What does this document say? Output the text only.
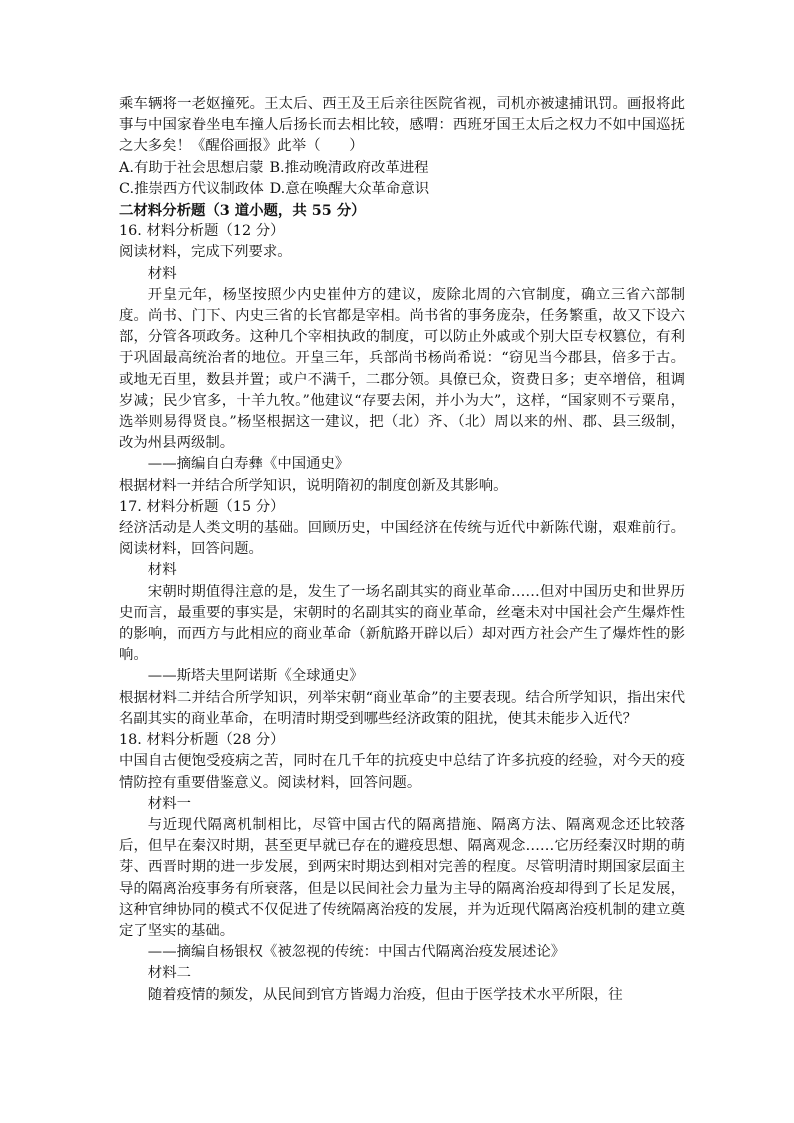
乘车辆将一老妪撞死。王太后、西王及王后亲往医院省视，司机亦被逮捕讯罚。画报将此事与中国家眷坐电车撞人后扬长而去相比较，感喟：西班牙国王太后之权力不如中国巡抚之大多矣！《醒俗画报》此举（　　）

A.有助于社会思想启蒙 B.推动晚清政府改革进程

C.推崇西方代议制政体 D.意在唤醒大众革命意识

二材料分析题（3 道小题，共 55 分）

16. 材料分析题（12 分）

阅读材料，完成下列要求。

材料

开皇元年，杨坚按照少内史崔仲方的建议，废除北周的六官制度，确立三省六部制度。尚书、门下、内史三省的长官都是宰相。尚书省的事务庞杂，任务繁重，故又下设六部，分管各项政务。这种几个宰相执政的制度，可以防止外戚或个别大臣专权篡位，有利于巩固最高统治者的地位。开皇三年，兵部尚书杨尚希说：“窃见当今郡县，倍多于古。或地无百里，数县并置；或户不满千，二郡分领。具僚已众，资费日多；吏卒增倍，租调岁减；民少官多，十羊九牧。”他建议“存要去闲，并小为大”，这样，“国家则不亏粟帛，选举则易得贤良。”杨坚根据这一建议，把（北）齐、（北）周以来的州、郡、县三级制，改为州县两级制。

——摘编自白寿彝《中国通史》

根据材料一并结合所学知识，说明隋初的制度创新及其影响。

17. 材料分析题（15 分）

经济活动是人类文明的基础。回顾历史，中国经济在传统与近代中新陈代谢，艰难前行。阅读材料，回答问题。

材料

宋朝时期值得注意的是，发生了一场名副其实的商业革命……但对中国历史和世界历史而言，最重要的事实是，宋朝时的名副其实的商业革命，丝毫未对中国社会产生爆炸性的影响，而西方与此相应的商业革命（新航路开辟以后）却对西方社会产生了爆炸性的影响。

——斯塔夫里阿诺斯《全球通史》

根据材料二并结合所学知识，列举宋朝“商业革命”的主要表现。结合所学知识，指出宋代名副其实的商业革命，在明清时期受到哪些经济政策的阻扰，使其未能步入近代？

18. 材料分析题（28 分）

中国自古便饱受疫病之苦，同时在几千年的抗疫史中总结了许多抗疫的经验，对今天的疫情防控有重要借鉴意义。阅读材料，回答问题。

材料一

与近现代隔离机制相比，尽管中国古代的隔离措施、隔离方法、隔离观念还比较落后，但早在秦汉时期，甚至更早就已存在的避疫思想、隔离观念……它历经秦汉时期的萌芽、西晋时期的进一步发展，到两宋时期达到相对完善的程度。尽管明清时期国家层面主导的隔离治疫事务有所衰落，但是以民间社会力量为主导的隔离治疫却得到了长足发展，这种官绅协同的模式不仅促进了传统隔离治疫的发展，并为近现代隔离治疫机制的建立奠定了坚实的基础。

——摘编自杨银权《被忽视的传统：中国古代隔离治疫发展述论》

材料二

随着疫情的频发，从民间到官方皆竭力治疫，但由于医学技术水平所限，往
